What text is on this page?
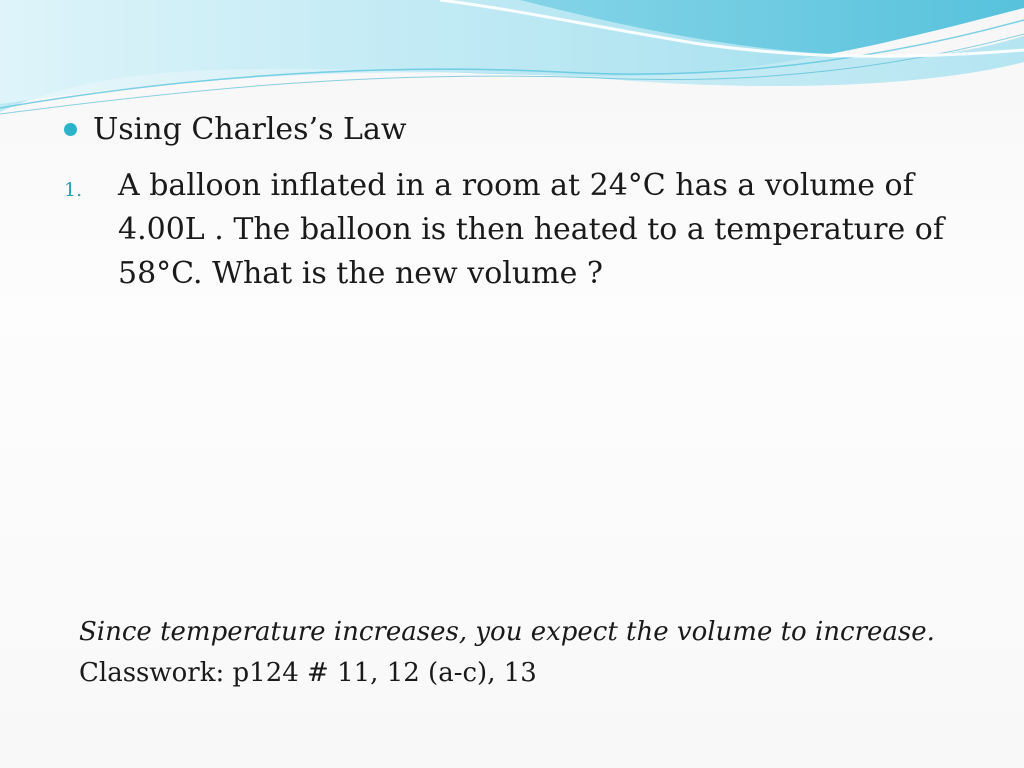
Using Charles’s Law
1. A balloon inflated in a room at 24°C has a volume of 4.00L . The balloon is then heated to a temperature of 58°C. What is the new volume ?
Since temperature increases, you expect the volume to increase.
Classwork: p124 # 11, 12 (a-c), 13
